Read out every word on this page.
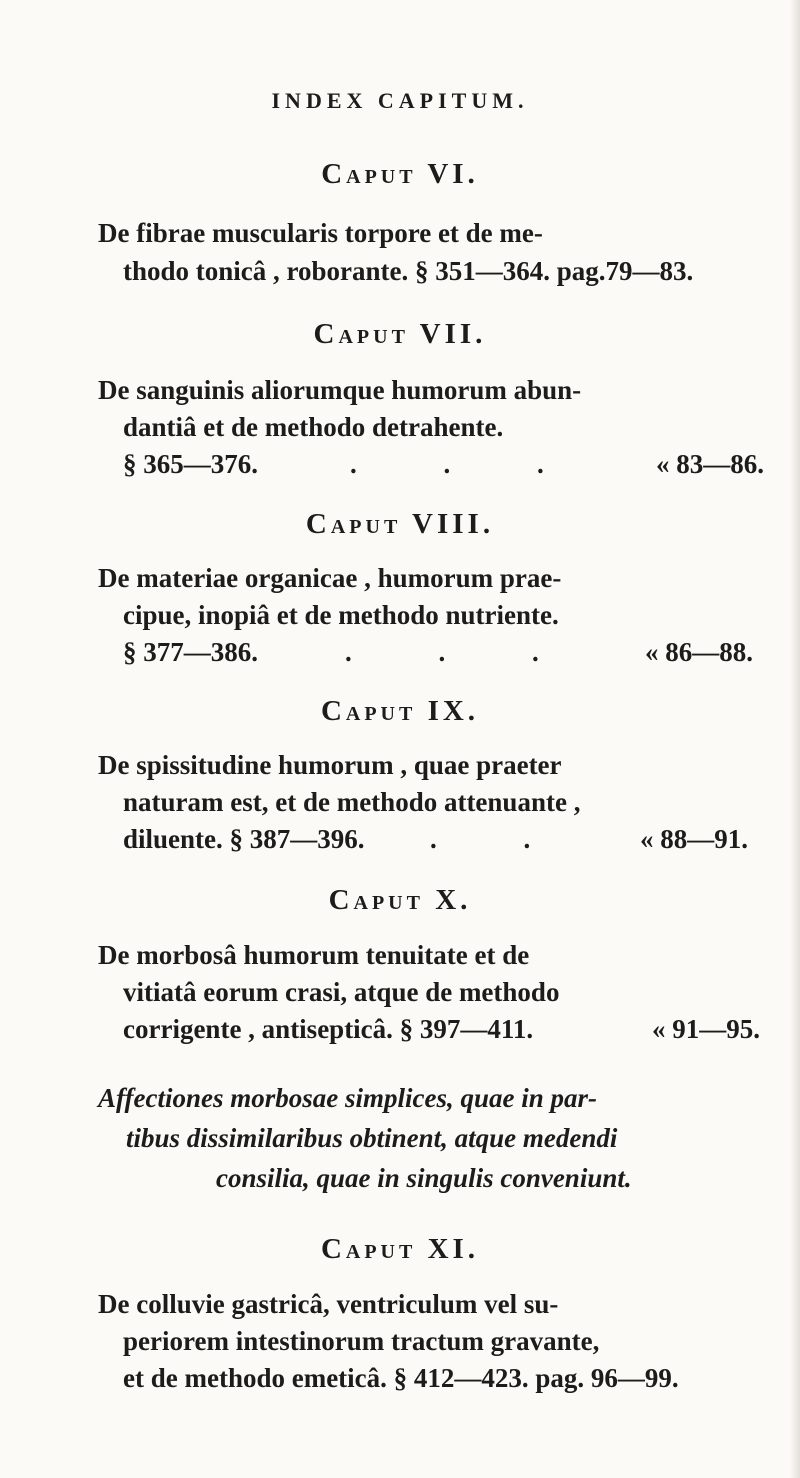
INDEX CAPITUM.
Caput VI.
De fibrae muscularis torpore et de me-
thodo tonicâ , roborante. § 351—364. pag.79—83.
Caput VII.
De sanguinis aliorumque humorum abun-
dantiâ et de methodo detrahente.
§ 365—376.	. . .	« 83—86.
Caput VIII.
De materiae organicae , humorum prae-
cipue, inopiâ et de methodo nutriente.
§ 377—386.	. . . « 86—88.
Caput IX.
De spissitudine humorum , quae praeter
naturam est, et de methodo attenuante ,
diluente. § 387—396. . .	« 88—91.
Caput X.
De morbosâ humorum tenuitate et de
vitiatâ eorum crasi, atque de methodo
corrigente , antisepticâ. § 397—411.	« 91—95.
Affectiones morbosae simplices, quae in par-
tibus dissimilaribus obtinent, atque medendi
consilia, quae in singulis conveniunt.
Caput XI.
De colluvie gastricâ, ventriculum vel su-
periorem intestinorum tractum gravante,
et de methodo emeticâ. § 412—423. pag. 96—99.
